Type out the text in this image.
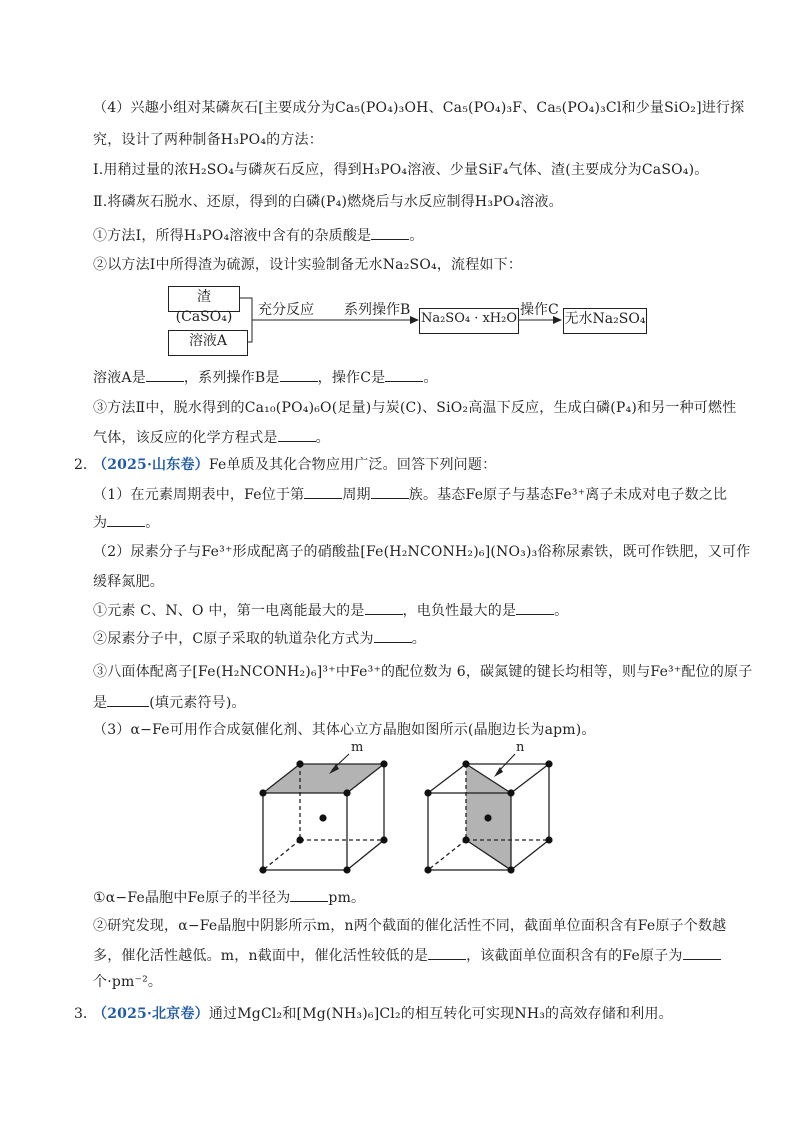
（4）兴趣小组对某磷灰石[主要成分为Ca₅(PO₄)₃OH、Ca₅(PO₄)₃F、Ca₅(PO₄)₃Cl和少量SiO₂]进行探
究，设计了两种制备H₃PO₄的方法：
Ⅰ.用稍过量的浓H₂SO₄与磷灰石反应，得到H₃PO₄溶液、少量SiF₄气体、渣(主要成分为CaSO₄)。
Ⅱ.将磷灰石脱水、还原，得到的白磷(P₄)燃烧后与水反应制得H₃PO₄溶液。
①方法Ⅰ，所得H₃PO₄溶液中含有的杂质酸是	。
②以方法Ⅰ中所得渣为硫源，设计实验制备无水Na₂SO₄，流程如下：
渣(CaSO₄)
溶液A
充分反应 系列操作B
Na₂SO₄ · xH₂O
操作C
无水Na₂SO₄
溶液A是	，系列操作B是	，操作C是	。
③方法Ⅱ中，脱水得到的Ca₁₀(PO₄)₆O(足量)与炭(C)、SiO₂高温下反应，生成白磷(P₄)和另一种可燃性
气体，该反应的化学方程式是	。
2．
（2025·山东卷）Fe单质及其化合物应用广泛。回答下列问题：
（1）在元素周期表中，Fe位于第	周期	族。基态Fe原子与基态Fe³⁺离子未成对电子数之比
为	。
（2）尿素分子与Fe³⁺形成配离子的硝酸盐[Fe(H₂NCONH₂)₆](NO₃)₃俗称尿素铁，既可作铁肥，又可作
缓释氮肥。
①元素 C、N、O 中，第一电离能最大的是	，电负性最大的是	。
②尿素分子中，C原子采取的轨道杂化方式为	。
③八面体配离子[Fe(H₂NCONH₂)₆]³⁺中Fe³⁺的配位数为 6，碳氮键的键长均相等，则与Fe³⁺配位的原子
是	(填元素符号)。
（3）α−Fe可用作合成氨催化剂、其体心立方晶胞如图所示(晶胞边长为apm)。
m	n
①α−Fe晶胞中Fe原子的半径为	pm。
②研究发现，α−Fe晶胞中阴影所示m，n两个截面的催化活性不同，截面单位面积含有Fe原子个数越
多，催化活性越低。m，n截面中，催化活性较低的是	，该截面单位面积含有的Fe原子为
个·pm⁻²。
3．
（2025·北京卷）通过MgCl₂和[Mg(NH₃)₆]Cl₂的相互转化可实现NH₃的高效存储和利用。
